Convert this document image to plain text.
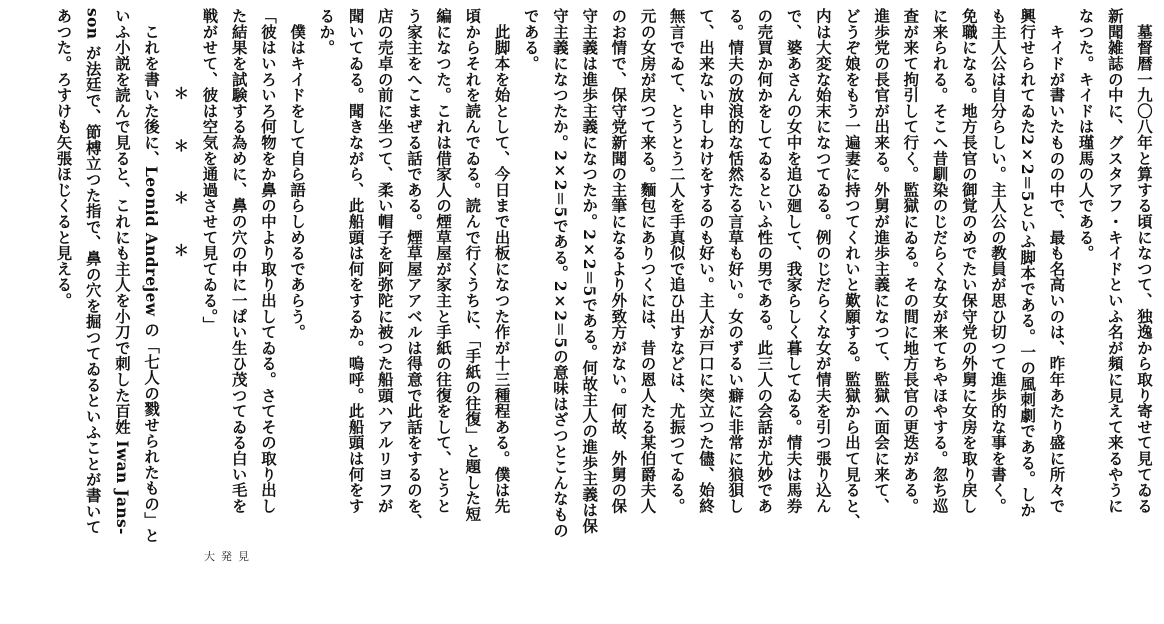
　墓督暦一九〇八年と算する頃になつて、独逸から取り寄せて見てゐる
新聞雑誌の中に、グスタアフ・キイドといふ名が頻に見えて来るやうに
なつた。キイドは瑾馬の人である。
　キイドが書いたものの中で、最も名高いのは、昨年あたり盛に所々で
興行せられてゐた2×2＝5といふ脚本である。一の風刺劇である。しか
も主人公は自分らしい。主人公の教員が思ひ切つて進歩的な事を書く。
免職になる。地方長官の御覚のめでたい保守党の外舅に女房を取り戻し
に来られる。そこへ昔馴染のじだらくな女が来てちやほやする。忽ち巡
査が来て拘引して行く。監獄にゐる。その間に地方長官の更迭がある。
進歩党の長官が出来る。外舅が進歩主義になつて、監獄へ面会に来て、
どうぞ娘をもう一遍妻に持つてくれいと歎願する。監獄から出て見ると、
内は大変な始末になつてゐる。例のじだらくな女が情夫を引つ張り込ん
で、婆あさんの女中を追ひ廻して、我家らしく暮してゐる。情夫は馬券
の売買か何かをしてゐるといふ性の男である。此三人の会話が尤妙であ
る。情夫の放浪的な恬然たる言草も好い。女のずるい癖に非常に狼狽し
て、出来ない申しわけをするのも好い。主人が戸口に突立つた儘、始終
無言でゐて、とうとう二人を手真似で追ひ出すなどは、尤振つてゐる。
元の女房が戻つて来る。麵包にありつくには、昔の恩人たる某伯爵夫人
のお情で、保守党新聞の主筆になるより外致方がない。何故、外舅の保
守主義は進歩主義になつたか。2×2＝5である。何故主人の進歩主義は保
守主義になつたか。2×2＝5である。2×2＝5の意味はざつとこんなもの
である。
　此脚本を始として、今日まで出板になつた作が十三種程ある。僕は先
頃からそれを読んでゐる。読んで行くうちに、「手紙の往復」と題した短
編になつた。これは借家人の煙草屋が家主と手紙の往復をして、とうと
う家主をへこまぜる話である。煙草屋アアベルは得意で此話をするのを、
店の売卓の前に坐つて、柔い帽子を阿弥陀に被つた船頭ハアルリヨフが
聞いてゐる。聞きながら、此船頭は何をするか。嗚呼。此船頭は何をす
るか。
　僕はキイドをして自ら語らしめるであらう。
「彼はいろいろ何物をか鼻の中より取り出してゐる。さてその取り出し
た結果を試験する為めに、鼻の穴の中に一ぱい生ひ茂つてゐる白い毛を
戦がせて、彼は空気を通過させて見てゐる。」
＊＊＊＊
　これを書いた後に、Leonid Andrejew の「七人の戮せられたもの」と
いふ小説を読んで見ると、これにも主人を小刀で刺した百姓 Iwan Jans-
son が法廷で、節榑立つた指で、鼻の穴を掘つてゐるといふことが書いて
あつた。ろすけも矢張ほじくると見える。
大発見
